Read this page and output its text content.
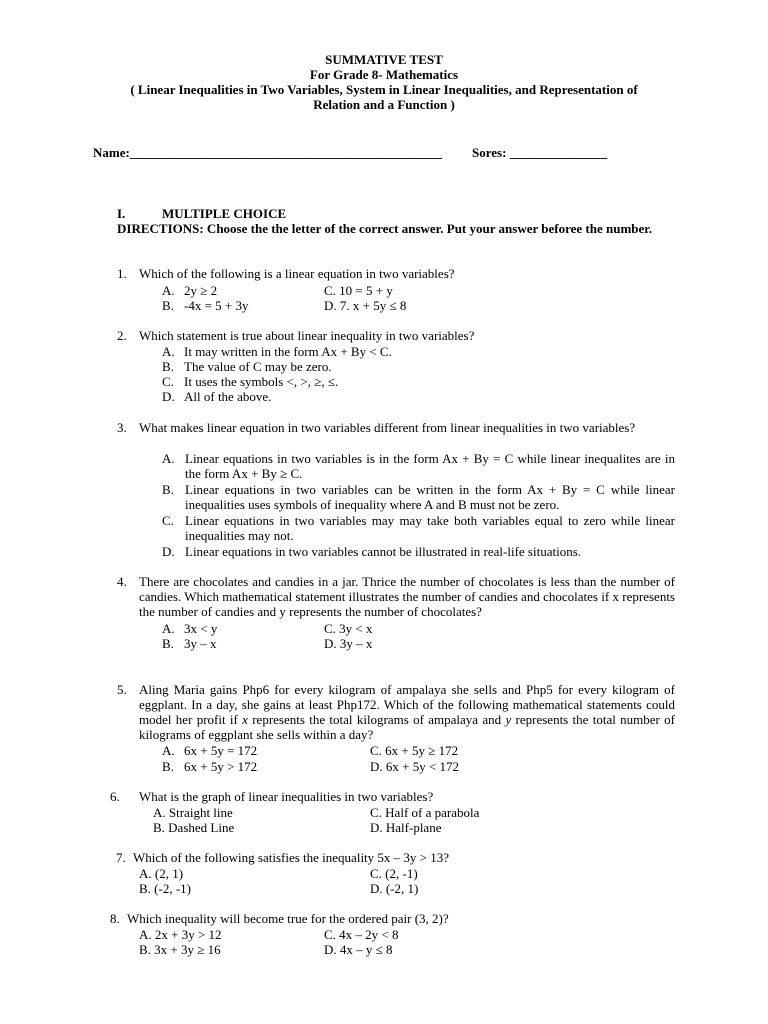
SUMMATIVE TEST
For Grade 8- Mathematics
( Linear Inequalities in Two Variables, System in Linear Inequalities, and Representation of
Relation and a Function )
Name:________________________________________________ Sores: _______________
I.	MULTIPLE CHOICE
DIRECTIONS: Choose the the letter of the correct answer. Put your answer beforee the number.
1. Which of the following is a linear equation in two variables?
A. 2y ≥ 2	C. 10 = 5 + y
B. -4x = 5 + 3y	D. 7. x + 5y ≤ 8
2. Which statement is true about linear inequality in two variables?
A. It may written in the form Ax + By < C.
B. The value of C may be zero.
C. It uses the symbols <, >, ≥, ≤.
D. All of the above.
3. What makes linear equation in two variables different from linear inequalities in two variables?
A. Linear equations in two variables is in the form Ax + By = C while linear inequalites are in the form Ax + By ≥ C.
B. Linear equations in two variables can be written in the form Ax + By = C while linear inequalities uses symbols of inequality where A and B must not be zero.
C. Linear equations in two variables may may take both variables equal to zero while linear inequalities may not.
D. Linear equations in two variables cannot be illustrated in real-life situations.
4. There are chocolates and candies in a jar. Thrice the number of chocolates is less than the number of candies. Which mathematical statement illustrates the number of candies and chocolates if x represents the number of candies and y represents the number of chocolates?
A. 3x < y	C. 3y < x
B. 3y – x	D. 3y – x
5. Aling Maria gains Php6 for every kilogram of ampalaya she sells and Php5 for every kilogram of eggplant. In a day, she gains at least Php172. Which of the following mathematical statements could model her profit if x represents the total kilograms of ampalaya and y represents the total number of kilograms of eggplant she sells within a day?
A. 6x + 5y = 172	C. 6x + 5y ≥ 172
B. 6x + 5y > 172	D. 6x + 5y < 172
6. What is the graph of linear inequalities in two variables?
A. Straight line	C. Half of a parabola
B. Dashed Line	D. Half-plane
7. Which of the following satisfies the inequality 5x – 3y > 13?
A. (2, 1)	C. (2, -1)
B. (-2, -1)	D. (-2, 1)
8. Which inequality will become true for the ordered pair (3, 2)?
A. 2x + 3y > 12	C. 4x – 2y < 8
B. 3x + 3y ≥ 16	D. 4x – y ≤ 8
